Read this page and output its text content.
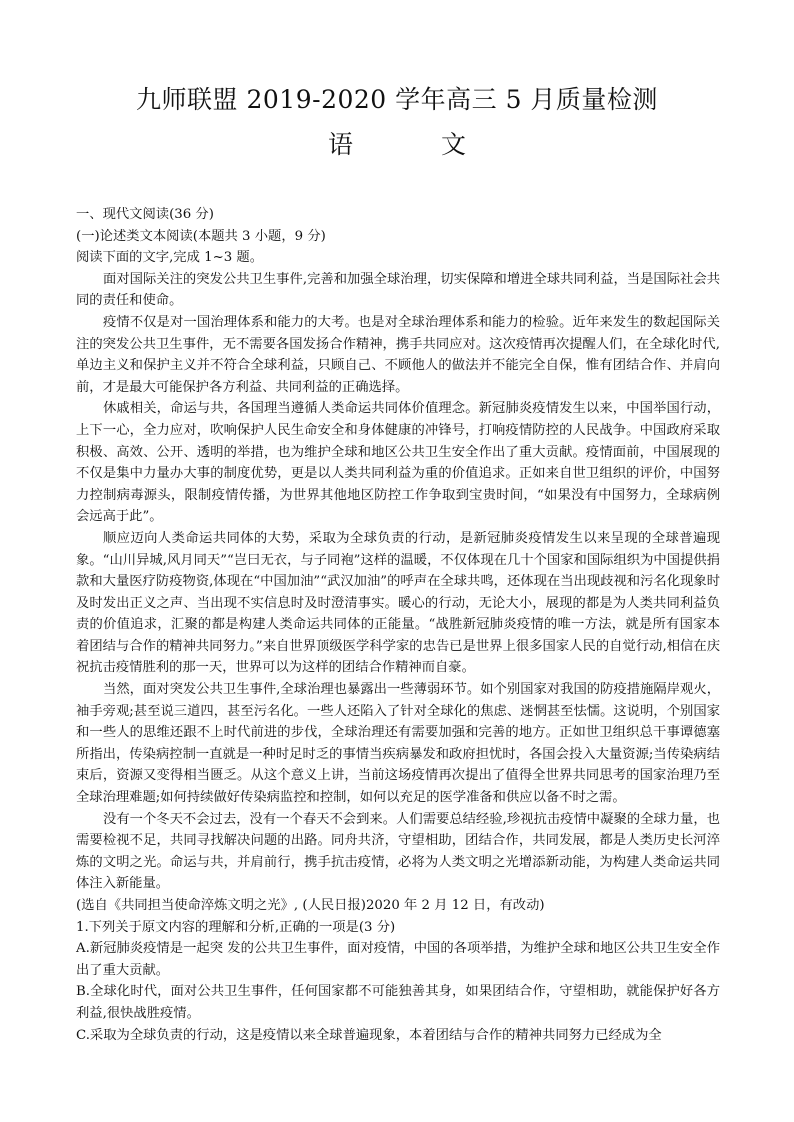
九师联盟 2019-2020 学年高三 5 月质量检测
语 文

一、现代文阅读(36 分)

(一)论述类文本阅读(本题共 3 小题，9 分)

阅读下面的文字,完成 1~3 题。

面对国际关注的突发公共卫生事件,完善和加强全球治理，切实保障和增进全球共同利益，当是国际社会共同的责任和使命。

疫情不仅是对一国治理体系和能力的大考。也是对全球治理体系和能力的检验。近年来发生的数起国际关注的突发公共卫生事件，无不需要各国发扬合作精神，携手共同应对。这次疫情再次提醒人们，在全球化时代,单边主义和保护主义并不符合全球利益，只顾自己、不顾他人的做法并不能完全自保，惟有团结合作、并肩向前，才是最大可能保护各方利益、共同利益的正确选择。

休戚相关，命运与共，各国理当遵循人类命运共同体价值理念。新冠肺炎疫情发生以来，中国举国行动，上下一心，全力应对，吹响保护人民生命安全和身体健康的冲锋号，打响疫情防控的人民战争。中国政府采取积极、高效、公开、透明的举措，也为维护全球和地区公共卫生安全作出了重大贡献。疫情面前，中国展现的不仅是集中力量办大事的制度优势，更是以人类共同利益为重的价值追求。正如来自世卫组织的评价，中国努力控制病毒源头，限制疫情传播，为世界其他地区防控工作争取到宝贵时间，“如果没有中国努力，全球病例会远高于此”。

顺应迈向人类命运共同体的大势，采取为全球负责的行动，是新冠肺炎疫情发生以来呈现的全球普遍现象。“山川异城,风月同天”“岂曰无衣，与子同袍”这样的温暖，不仅体现在几十个国家和国际组织为中国提供捐款和大量医疗防疫物资,体现在“中国加油”“武汉加油”的呼声在全球共鸣，还体现在当出现歧视和污名化现象时及时发出正义之声、当出现不实信息时及时澄清事实。暖心的行动，无论大小，展现的都是为人类共同利益负责的价值追求，汇聚的都是构建人类命运共同体的正能量。“战胜新冠肺炎疫情的唯一方法，就是所有国家本着团结与合作的精神共同努力。”来自世界顶级医学科学家的忠告已是世界上很多国家人民的自觉行动,相信在庆祝抗击疫情胜利的那一天，世界可以为这样的团结合作精神而自豪。

当然，面对突发公共卫生事件,全球治理也暴露出一些薄弱环节。如个别国家对我国的防疫措施隔岸观火，袖手旁观;甚至说三道四，甚至污名化。一些人还陷入了针对全球化的焦虑、迷惘甚至怯懦。这说明，个别国家和一些人的思维还跟不上时代前进的步伐，全球治理还有需要加强和完善的地方。正如世卫组织总干事谭德塞所指出，传染病控制一直就是一种时足时乏的事情当疾病暴发和政府担忧时，各国会投入大量资源;当传染病结束后，资源又变得相当匮乏。从这个意义上讲，当前这场疫情再次提出了值得全世界共同思考的国家治理乃至全球治理难题;如何持续做好传染病监控和控制，如何以充足的医学准备和供应以备不时之需。

没有一个冬天不会过去，没有一个春天不会到来。人们需要总结经验,珍视抗击疫情中凝聚的全球力量，也需要检视不足，共同寻找解决问题的出路。同舟共济，守望相助，团结合作，共同发展，都是人类历史长河淬炼的文明之光。命运与共，并肩前行，携手抗击疫情，必将为人类文明之光增添新动能，为构建人类命运共同体注入新能量。

(选自《共同担当使命淬炼文明之光》, (人民日报)2020 年 2 月 12 日，有改动)

1.下列关于原文内容的理解和分析,正确的一项是(3 分)

A.新冠肺炎疫情是一起突 发的公共卫生事件，面对疫情，中国的各项举措，为维护全球和地区公共卫生安全作出了重大贡献。

B.全球化时代，面对公共卫生事件，任何国家都不可能独善其身，如果团结合作，守望相助，就能保护好各方利益,很快战胜疫情。

C.采取为全球负责的行动，这是疫情以来全球普遍现象，本着团结与合作的精神共同努力已经成为全
